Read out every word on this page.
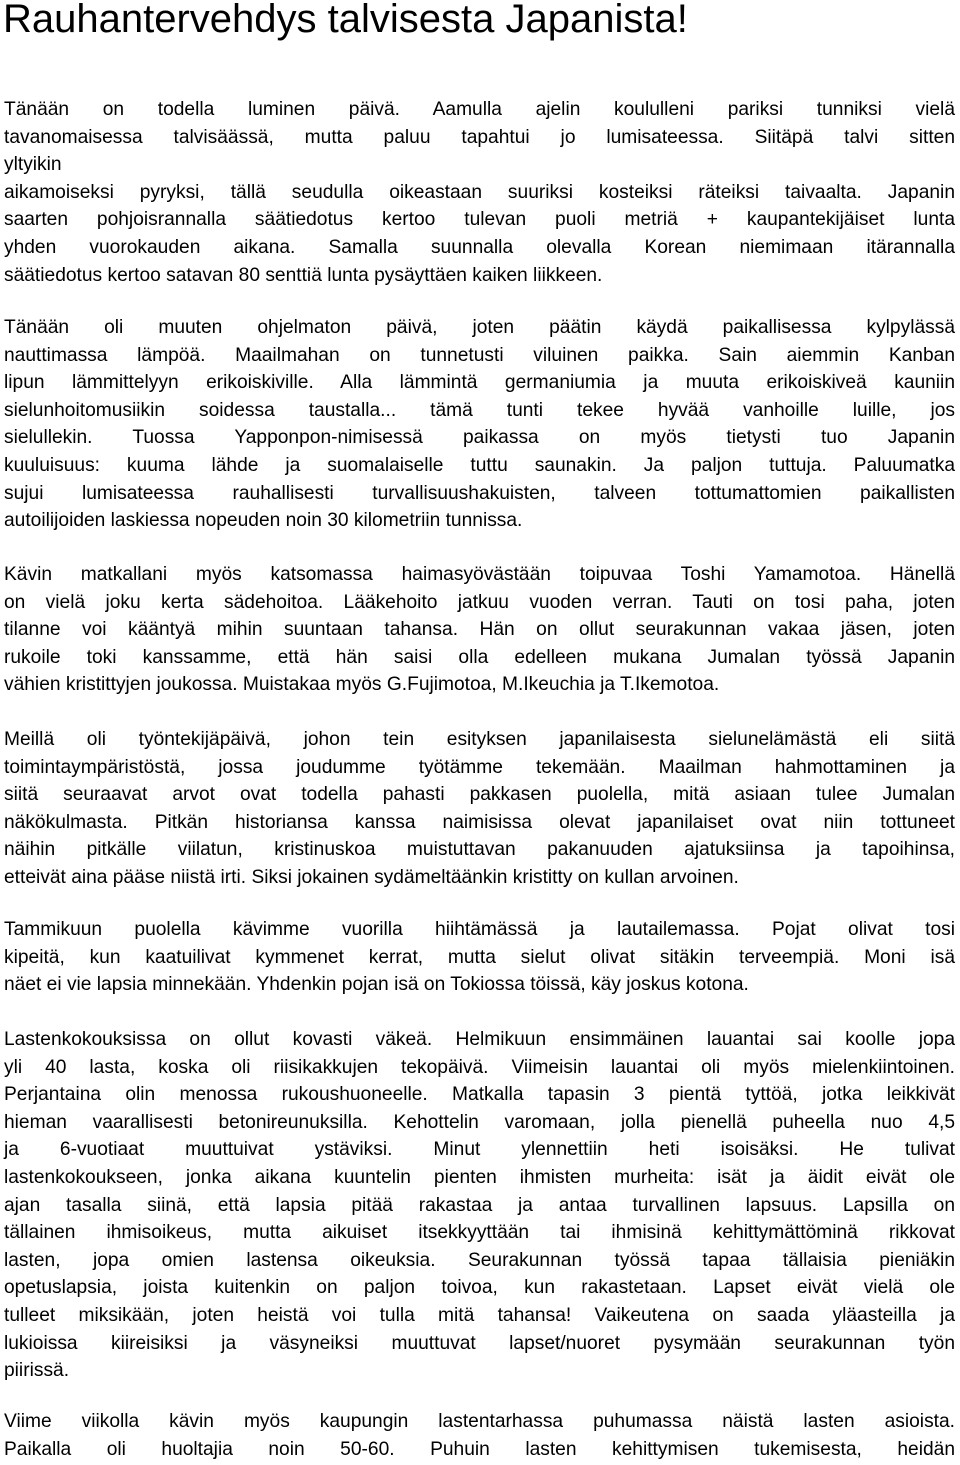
Rauhantervehdys talvisesta Japanista!

Tänään on todella luminen päivä. Aamulla ajelin koululleni pariksi tunniksi vielä
tavanomaisessa talvisäässä, mutta paluu tapahtui jo lumisateessa. Siitäpä talvi sitten
yltyikin
aikamoiseksi pyryksi, tällä seudulla oikeastaan suuriksi kosteiksi räteiksi taivaalta. Japanin
saarten pohjoisrannalla säätiedotus kertoo tulevan puoli metriä + kaupantekijäiset lunta
yhden vuorokauden aikana. Samalla suunnalla olevalla Korean niemimaan itärannalla
säätiedotus kertoo satavan 80 senttiä lunta pysäyttäen kaiken liikkeen.

Tänään oli muuten ohjelmaton päivä, joten päätin käydä paikallisessa kylpylässä
nauttimassa lämpöä. Maailmahan on tunnetusti viluinen paikka. Sain aiemmin Kanban
lipun lämmittelyyn erikoiskiville. Alla lämmintä germaniumia ja muuta erikoiskiveä kauniin
sielunhoitomusiikin soidessa taustalla... tämä tunti tekee hyvää vanhoille luille, jos
sielullekin. Tuossa Yapponpon-nimisessä paikassa on myös tietysti tuo Japanin
kuuluisuus: kuuma lähde ja suomalaiselle tuttu saunakin. Ja paljon tuttuja. Paluumatka
sujui lumisateessa rauhallisesti turvallisuushakuisten, talveen tottumattomien paikallisten
autoilijoiden laskiessa nopeuden noin 30 kilometriin tunnissa.

Kävin matkallani myös katsomassa haimasyövästään toipuvaa Toshi Yamamotoa. Hänellä
on vielä joku kerta sädehoitoa. Lääkehoito jatkuu vuoden verran. Tauti on tosi paha, joten
tilanne voi kääntyä mihin suuntaan tahansa. Hän on ollut seurakunnan vakaa jäsen, joten
rukoile toki kanssamme, että hän saisi olla edelleen mukana Jumalan työssä Japanin
vähien kristittyjen joukossa. Muistakaa myös G.Fujimotoa, M.Ikeuchia ja T.Ikemotoa.

Meillä oli työntekijäpäivä, johon tein esityksen japanilaisesta sielunelämästä eli siitä
toimintaympäristöstä, jossa joudumme työtämme tekemään. Maailman hahmottaminen ja
siitä seuraavat arvot ovat todella pahasti pakkasen puolella, mitä asiaan tulee Jumalan
näkökulmasta. Pitkän historiansa kanssa naimisissa olevat japanilaiset ovat niin tottuneet
näihin pitkälle viilatun, kristinuskoa muistuttavan pakanuuden ajatuksiinsa ja tapoihinsa,
etteivät aina pääse niistä irti. Siksi jokainen sydämeltäänkin kristitty on kullan arvoinen.

Tammikuun puolella kävimme vuorilla hiihtämässä ja lautailemassa. Pojat olivat tosi
kipeitä, kun kaatuilivat kymmenet kerrat, mutta sielut olivat sitäkin terveempiä. Moni isä
näet ei vie lapsia minnekään. Yhdenkin pojan isä on Tokiossa töissä, käy joskus kotona.

Lastenkokouksissa on ollut kovasti väkeä. Helmikuun ensimmäinen lauantai sai koolle jopa
yli 40 lasta, koska oli riisikakkujen tekopäivä. Viimeisin lauantai oli myös mielenkiintoinen.
Perjantaina olin menossa rukoushuoneelle. Matkalla tapasin 3 pientä tyttöä, jotka leikkivät
hieman vaarallisesti betonireunuksilla. Kehottelin varomaan, jolla pienellä puheella nuo 4,5
ja 6-vuotiaat muuttuivat ystäviksi. Minut ylennettiin heti isoisäksi. He tulivat
lastenkokoukseen, jonka aikana kuuntelin pienten ihmisten murheita: isät ja äidit eivät ole
ajan tasalla siinä, että lapsia pitää rakastaa ja antaa turvallinen lapsuus. Lapsilla on
tällainen ihmisoikeus, mutta aikuiset itsekkyyttään tai ihmisinä kehittymättöminä rikkovat
lasten, jopa omien lastensa oikeuksia. Seurakunnan työssä tapaa tällaisia pieniäkin
opetuslapsia, joista kuitenkin on paljon toivoa, kun rakastetaan. Lapset eivät vielä ole
tulleet miksikään, joten heistä voi tulla mitä tahansa! Vaikeutena on saada yläasteilla ja
lukioissa kiireisiksi ja väsyneiksi muuttuvat lapset/nuoret pysymään seurakunnan työn
piirissä.

Viime viikolla kävin myös kaupungin lastentarhassa puhumassa näistä lasten asioista.
Paikalla oli huoltajia noin 50-60. Puhuin lasten kehittymisen tukemisesta, heidän
